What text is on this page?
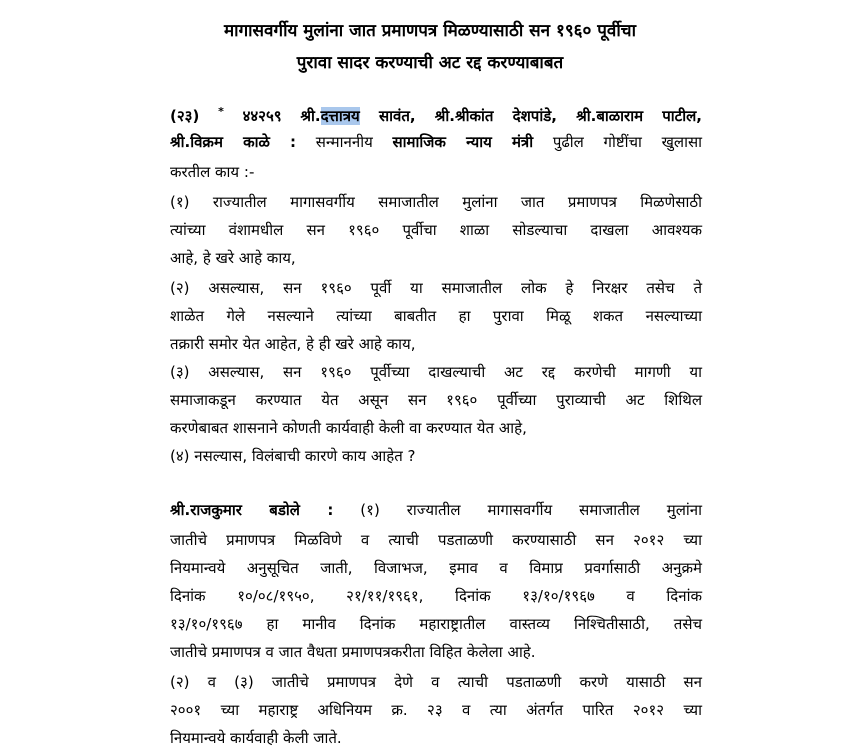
मागासवर्गीय मुलांना जात प्रमाणपत्र मिळण्यासाठी सन १९६० पूर्वीचा
पुरावा सादर करण्याची अट रद्द करण्याबाबत
(२३) * ४४२५९ श्री.दत्तात्रय सावंत, श्री.श्रीकांत देशपांडे, श्री.बाळाराम पाटील,
श्री.विक्रम काळे : सन्माननीय सामाजिक न्याय मंत्री पुढील गोष्टींचा खुलासा
करतील काय :-
(१) राज्यातील मागासवर्गीय समाजातील मुलांना जात प्रमाणपत्र मिळणेसाठी
त्यांच्या वंशामधील सन १९६० पूर्वीचा शाळा सोडल्याचा दाखला आवश्यक
आहे, हे खरे आहे काय,
(२) असल्यास, सन १९६० पूर्वी या समाजातील लोक हे निरक्षर तसेच ते
शाळेत गेले नसल्याने त्यांच्या बाबतीत हा पुरावा मिळू शकत नसल्याच्या
तक्रारी समोर येत आहेत, हे ही खरे आहे काय,
(३) असल्यास, सन १९६० पूर्वीच्या दाखल्याची अट रद्द करणेची मागणी या
समाजाकडून करण्यात येत असून सन १९६० पूर्वीच्या पुराव्याची अट शिथिल
करणेबाबत शासनाने कोणती कार्यवाही केली वा करण्यात येत आहे,
(४) नसल्यास, विलंबाची कारणे काय आहेत ?
श्री.राजकुमार बडोले : (१) राज्यातील मागासवर्गीय समाजातील मुलांना
जातीचे प्रमाणपत्र मिळविणे व त्याची पडताळणी करण्यासाठी सन २०१२ च्या
नियमान्वये अनुसूचित जाती, विजाभज, इमाव व विमाप्र प्रवर्गासाठी अनुक्रमे
दिनांक १०/०८/१९५०, २१/११/१९६१, दिनांक १३/१०/१९६७ व दिनांक
१३/१०/१९६७ हा मानीव दिनांक महाराष्ट्रातील वास्तव्य निश्चितीसाठी, तसेच
जातीचे प्रमाणपत्र व जात वैधता प्रमाणपत्रकरीता विहित केलेला आहे.
(२) व (३) जातीचे प्रमाणपत्र देणे व त्याची पडताळणी करणे यासाठी सन
२००१ च्या महाराष्ट्र अधिनियम क्र. २३ व त्या अंतर्गत पारित २०१२ च्या
नियमान्वये कार्यवाही केली जाते.
